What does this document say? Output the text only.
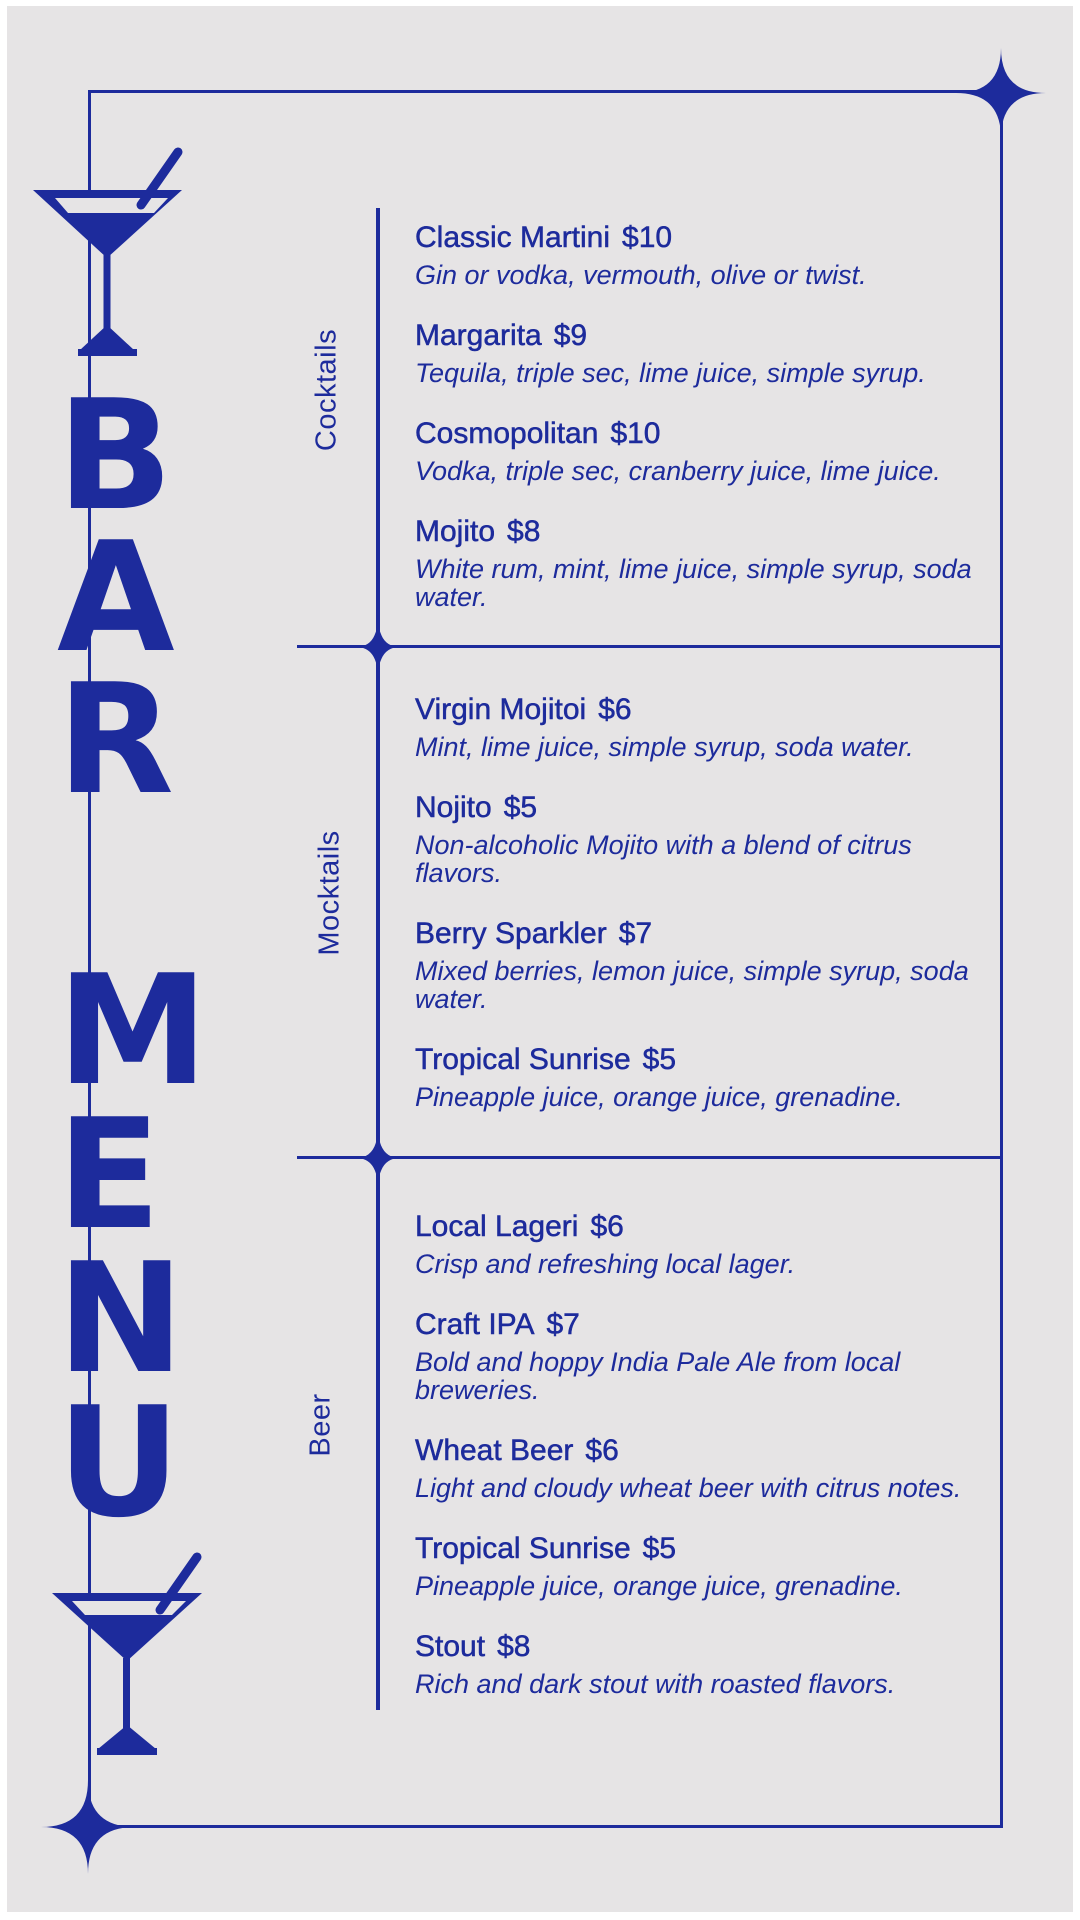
B
A
R
M
E
N
U
Cocktails
Mocktails
Beer
Classic Martini $10
Gin or vodka, vermouth, olive or twist.
Margarita $9
Tequila, triple sec, lime juice, simple syrup.
Cosmopolitan $10
Vodka, triple sec, cranberry juice, lime juice.
Mojito $8
White rum, mint, lime juice, simple syrup, soda water.
Virgin Mojitoi $6
Mint, lime juice, simple syrup, soda water.
Nojito $5
Non-alcoholic Mojito with a blend of citrus flavors.
Berry Sparkler $7
Mixed berries, lemon juice, simple syrup, soda water.
Tropical Sunrise $5
Pineapple juice, orange juice, grenadine.
Local Lageri $6
Crisp and refreshing local lager.
Craft IPA $7
Bold and hoppy India Pale Ale from local breweries.
Wheat Beer $6
Light and cloudy wheat beer with citrus notes.
Tropical Sunrise $5
Pineapple juice, orange juice, grenadine.
Stout $8
Rich and dark stout with roasted flavors.
